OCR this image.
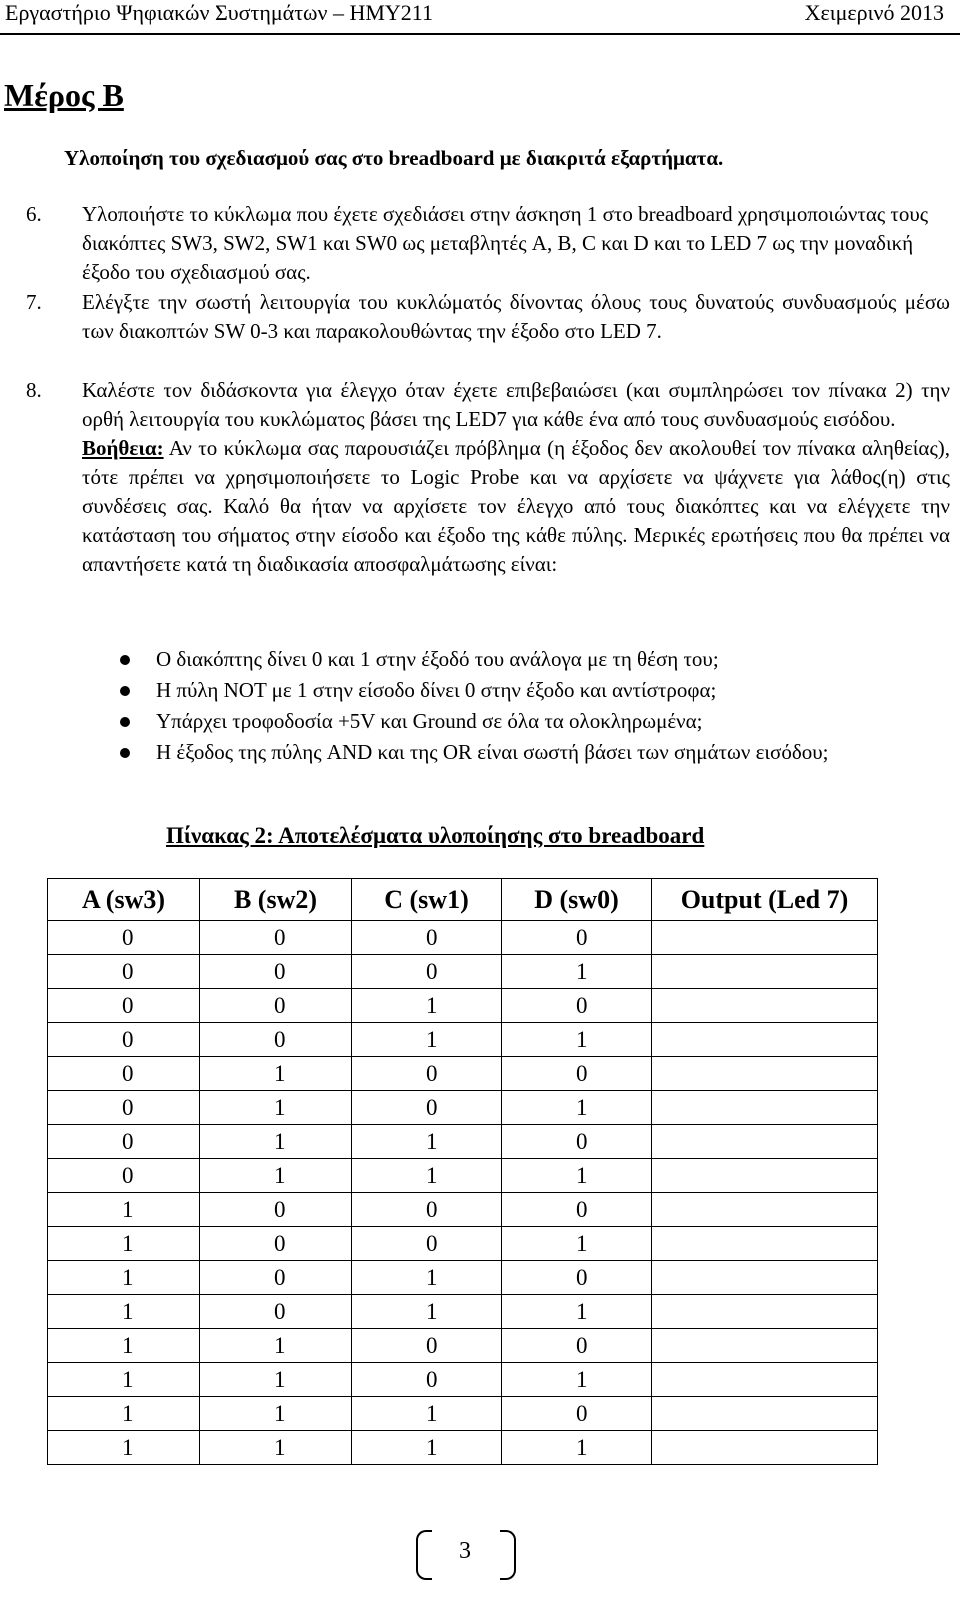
Εργαστήριο Ψηφιακών Συστημάτων – ΗΜΥ211	Χειμερινό 2013
Μέρος Β
Υλοποίηση του σχεδιασμού σας στο breadboard με διακριτά εξαρτήματα.
6. Υλοποιήστε το κύκλωμα που έχετε σχεδιάσει στην άσκηση 1 στο breadboard χρησιμοποιώντας τους διακόπτες SW3, SW2, SW1 και SW0 ως μεταβλητές A, B, C και D και το LED 7 ως την μοναδική έξοδο του σχεδιασμού σας.

7. Ελέγξτε την σωστή λειτουργία του κυκλώματός δίνοντας όλους τους δυνατούς συνδυασμούς μέσω των διακοπτών SW 0-3 και παρακολουθώντας την έξοδο στο LED 7.

8. Καλέστε τον διδάσκοντα για έλεγχο όταν έχετε επιβεβαιώσει (και συμπληρώσει τον πίνακα 2) την ορθή λειτουργία του κυκλώματος βάσει της LED7 για κάθε ένα από τους συνδυασμούς εισόδου.

Βοήθεια: Αν το κύκλωμα σας παρουσιάζει πρόβλημα (η έξοδος δεν ακολουθεί τον πίνακα αληθείας), τότε πρέπει να χρησιμοποιήσετε το Logic Probe και να αρχίσετε να ψάχνετε για λάθος(η) στις συνδέσεις σας. Καλό θα ήταν να αρχίσετε τον έλεγχο από τους διακόπτες και να ελέγχετε την κατάσταση του σήματος στην είσοδο και έξοδο της κάθε πύλης. Μερικές ερωτήσεις που θα πρέπει να απαντήσετε κατά τη διαδικασία αποσφαλμάτωσης είναι:

Ο διακόπτης δίνει 0 και 1 στην έξοδό του ανάλογα με τη θέση του;
Η πύλη NOT με 1 στην είσοδο δίνει 0 στην έξοδο και αντίστροφα;
Υπάρχει τροφοδοσία +5V και Ground σε όλα τα ολοκληρωμένα;
Η έξοδος της πύλης AND και της OR είναι σωστή βάσει των σημάτων εισόδου;
Πίνακας 2: Αποτελέσματα υλοποίησης στο breadboard
A (sw3)	B (sw2)	C (sw1)	D (sw0)	Output (Led 7)
0	0	0	0	
0	0	0	1	
0	0	1	0	
0	0	1	1	
0	1	0	0	
0	1	0	1	
0	1	1	0	
0	1	1	1	
1	0	0	0	
1	0	0	1	
1	0	1	0	
1	0	1	1	
1	1	0	0	
1	1	0	1	
1	1	1	0	
1	1	1	1	
3
